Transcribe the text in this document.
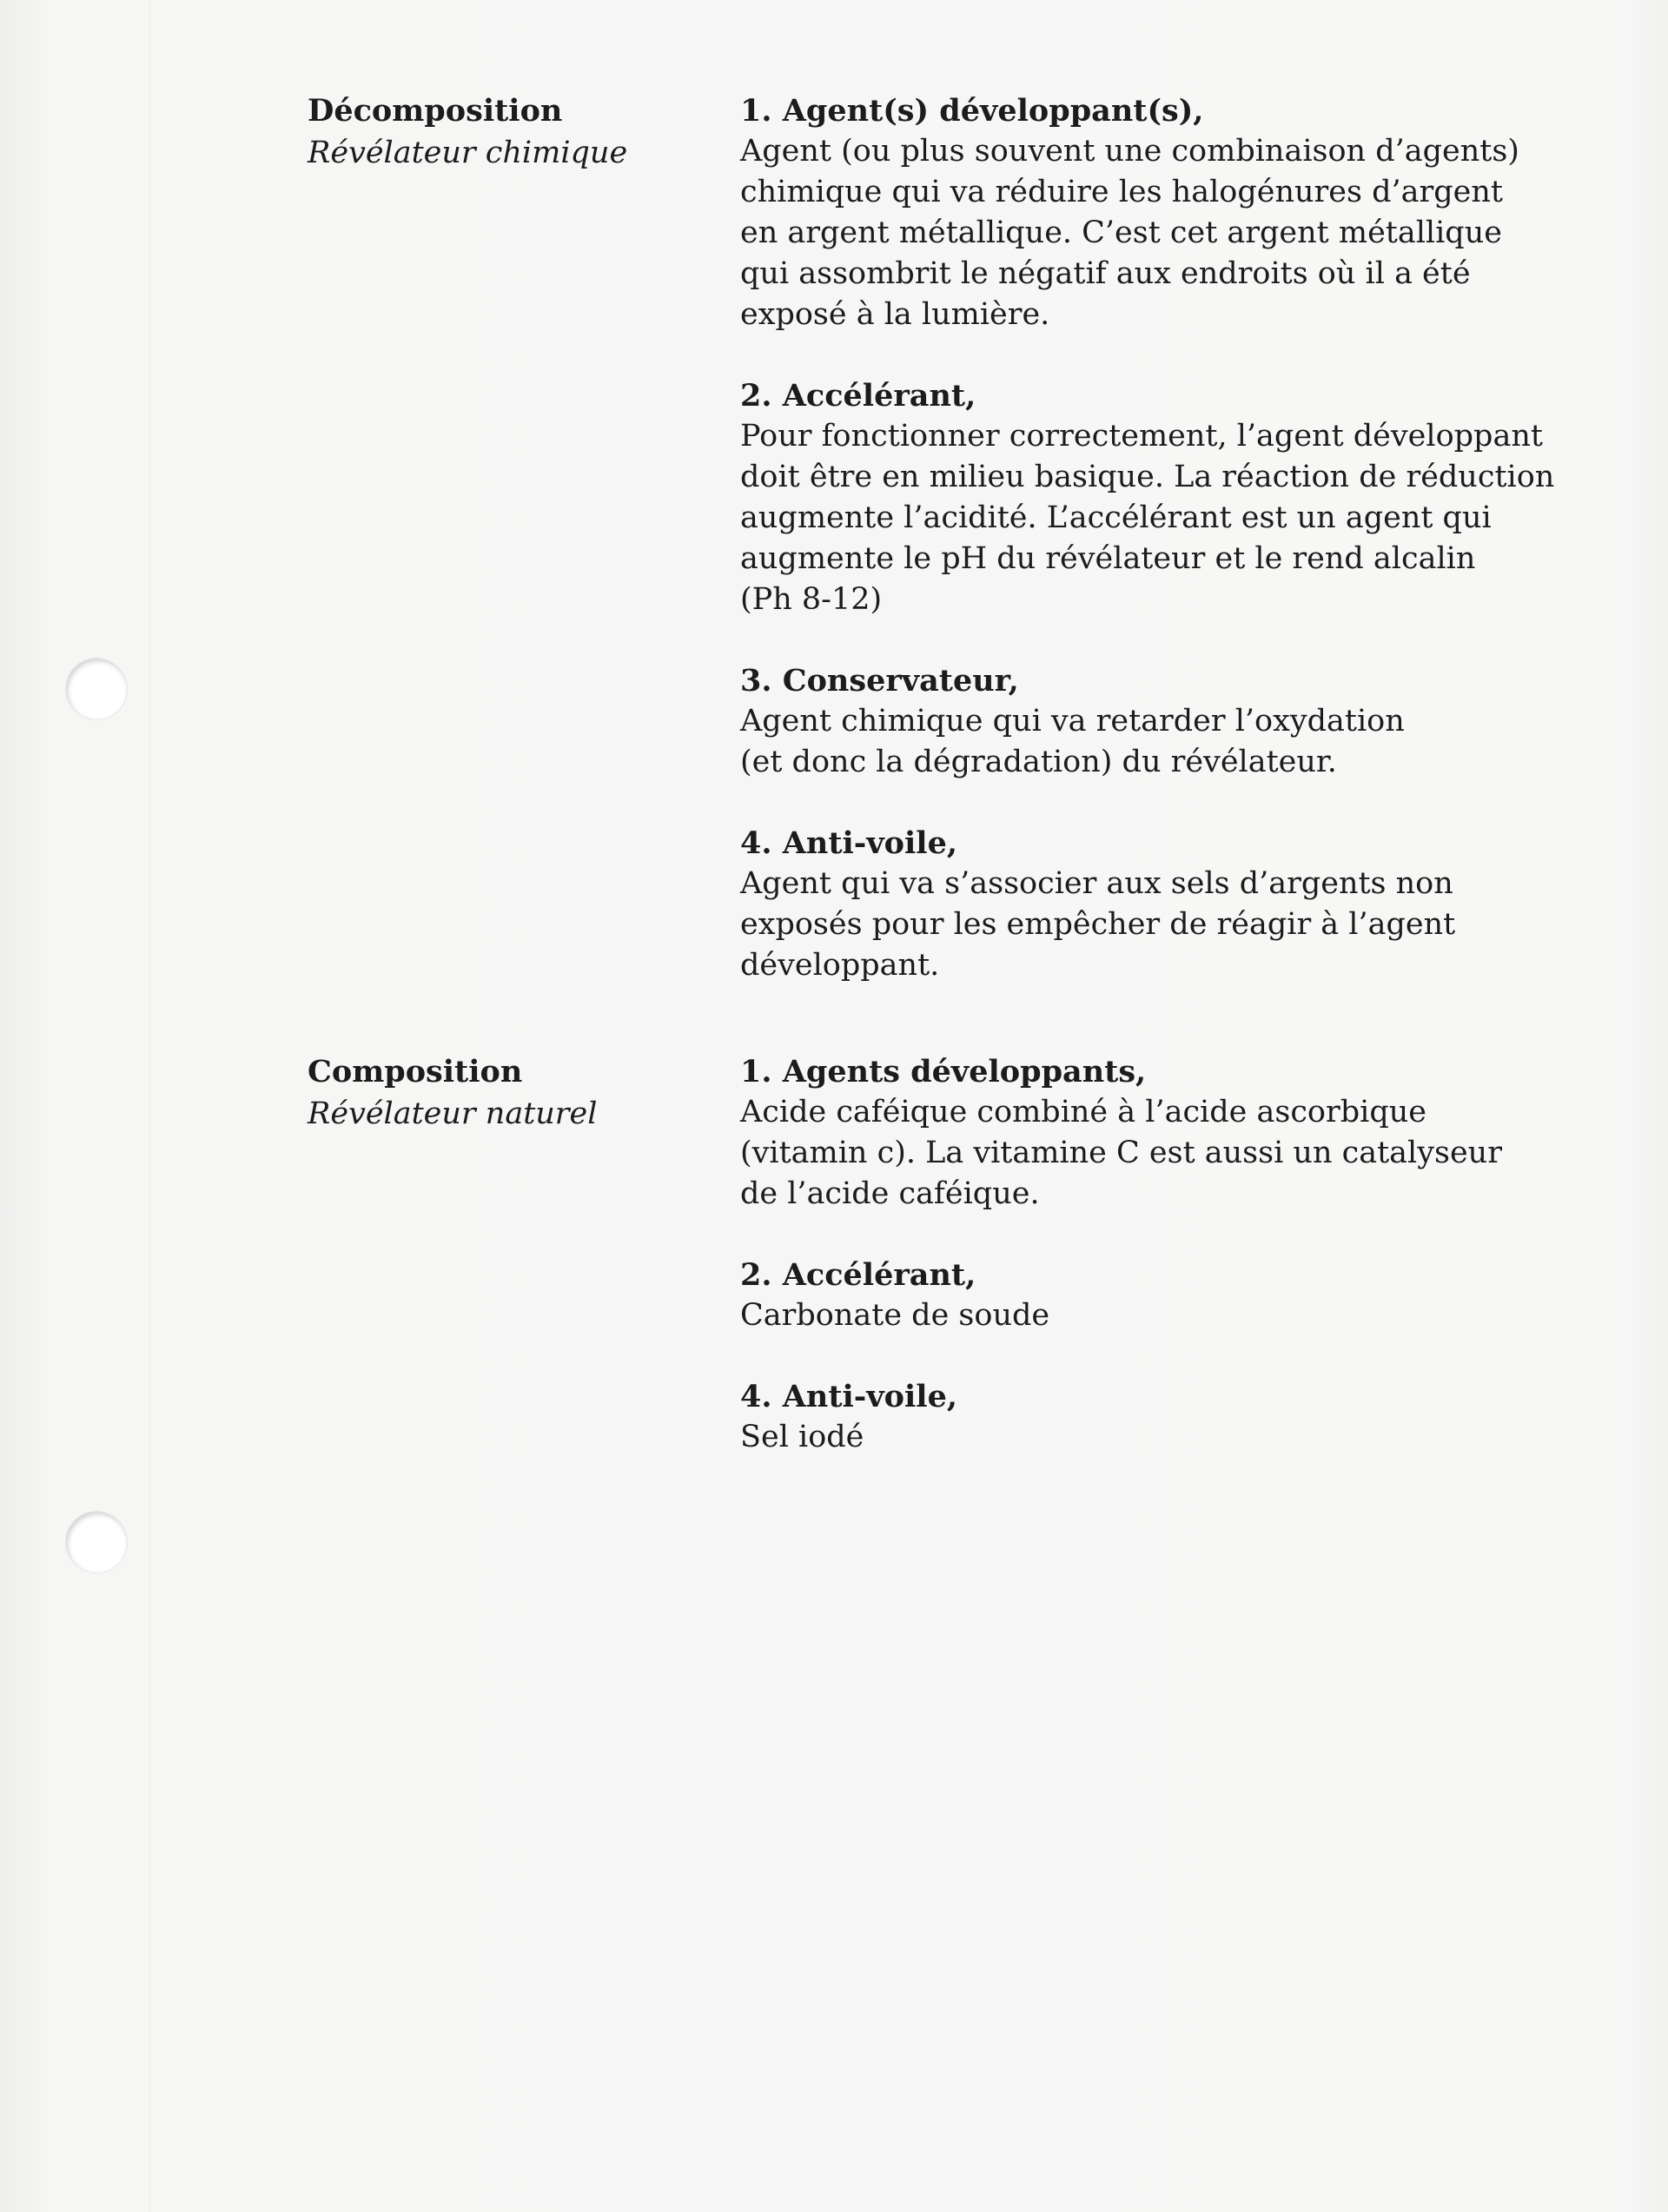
Décomposition

Révélateur chimique

1. Agent(s) développant(s),

Agent (ou plus souvent une combinaison d’agents)
chimique qui va réduire les halogénures d’argent
en argent métallique. C’est cet argent métallique
qui assombrit le négatif aux endroits où il a été
exposé à la lumière.

2. Accélérant,

Pour fonctionner correctement, l’agent développant
doit être en milieu basique. La réaction de réduction
augmente l’acidité. L’accélérant est un agent qui
augmente le pH du révélateur et le rend alcalin
(Ph 8-12)

3. Conservateur,

Agent chimique qui va retarder l’oxydation
(et donc la dégradation) du révélateur.

4. Anti-voile,

Agent qui va s’associer aux sels d’argents non
exposés pour les empêcher de réagir à l’agent
développant.

Composition

Révélateur naturel

1. Agents développants,

Acide caféique combiné à l’acide ascorbique
(vitamin c). La vitamine C est aussi un catalyseur
de l’acide caféique.

2. Accélérant,

Carbonate de soude

4. Anti-voile,

Sel iodé
